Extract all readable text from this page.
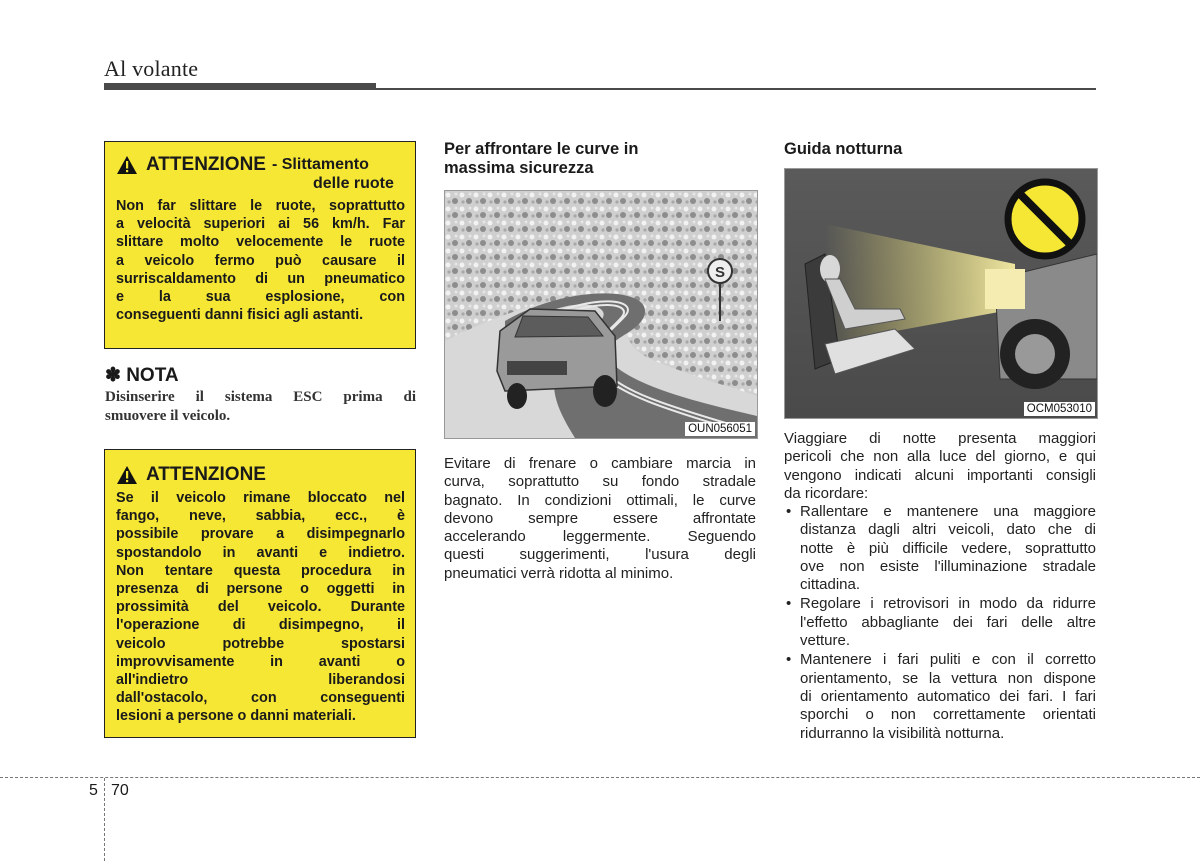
Al volante
ATTENZIONE - Slittamento
delle ruote
Non far slittare le ruote, soprattutto
a velocità superiori ai 56 km/h. Far
slittare molto velocemente le ruote
a veicolo fermo può causare il
surriscaldamento di un pneumatico
e la sua esplosione, con
conseguenti danni fisici agli astanti.
✽ NOTA
Disinserire il sistema ESC prima di
smuovere il veicolo.
ATTENZIONE
Se il veicolo rimane bloccato nel
fango, neve, sabbia, ecc., è
possibile provare a disimpegnarlo
spostandolo in avanti e indietro.
Non tentare questa procedura in
presenza di persone o oggetti in
prossimità del veicolo. Durante
l'operazione di disimpegno, il
veicolo potrebbe spostarsi
improvvisamente in avanti o
all'indietro liberandosi
dall'ostacolo, con conseguenti
lesioni a persone o danni materiali.
Per affrontare le curve in
massima sicurezza
S
OUN056051
Evitare di frenare o cambiare marcia in
curva, soprattutto su fondo stradale
bagnato. In condizioni ottimali, le curve
devono sempre essere affrontate
accelerando leggermente. Seguendo
questi suggerimenti, l'usura degli
pneumatici verrà ridotta al minimo.
Guida notturna
OCM053010
Viaggiare di notte presenta maggiori
pericoli che non alla luce del giorno, e qui
vengono indicati alcuni importanti consigli
da ricordare:
• Rallentare e mantenere una maggiore
distanza dagli altri veicoli, dato che di
notte è più difficile vedere, soprattutto
ove non esiste l'illuminazione stradale
cittadina.
• Regolare i retrovisori in modo da ridurre
l'effetto abbagliante dei fari delle altre
vetture.
• Mantenere i fari puliti e con il corretto
orientamento, se la vettura non dispone
di orientamento automatico dei fari. I fari
sporchi o non correttamente orientati
ridurranno la visibilità notturna.
5 70
